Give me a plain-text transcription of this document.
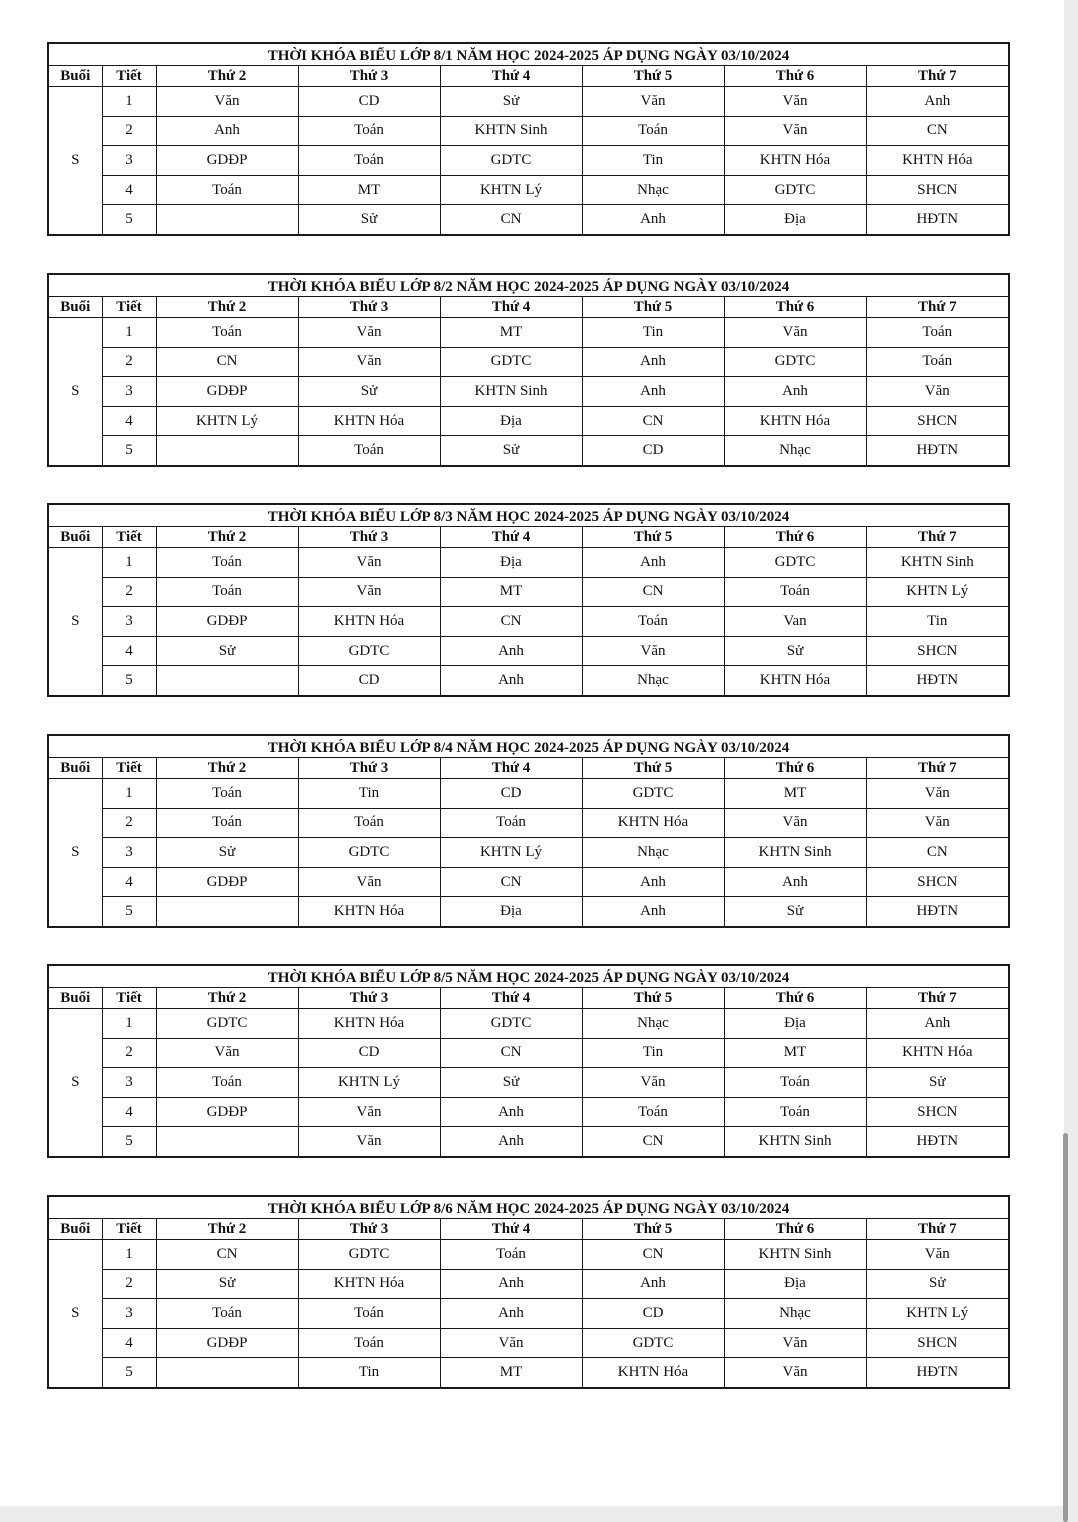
THỜI KHÓA BIỂU LỚP 8/1 NĂM HỌC 2024-2025 ÁP DỤNG NGÀY 03/10/2024							
Buổi	Tiết	Thứ 2	Thứ 3	Thứ 4	Thứ 5	Thứ 6	Thứ 7
S	1	Văn	CD	Sử	Văn	Văn	Anh
	2	Anh	Toán	KHTN Sinh	Toán	Văn	CN
	3	GDĐP	Toán	GDTC	Tin	KHTN Hóa	KHTN Hóa
	4	Toán	MT	KHTN Lý	Nhạc	GDTC	SHCN
	5		Sử	CN	Anh	Địa	HĐTN
THỜI KHÓA BIỂU LỚP 8/2 NĂM HỌC 2024-2025 ÁP DỤNG NGÀY 03/10/2024							
Buổi	Tiết	Thứ 2	Thứ 3	Thứ 4	Thứ 5	Thứ 6	Thứ 7
S	1	Toán	Văn	MT	Tin	Văn	Toán
	2	CN	Văn	GDTC	Anh	GDTC	Toán
	3	GDĐP	Sử	KHTN Sinh	Anh	Anh	Văn
	4	KHTN Lý	KHTN Hóa	Địa	CN	KHTN Hóa	SHCN
	5		Toán	Sử	CD	Nhạc	HĐTN
THỜI KHÓA BIỂU LỚP 8/3 NĂM HỌC 2024-2025 ÁP DỤNG NGÀY 03/10/2024							
Buổi	Tiết	Thứ 2	Thứ 3	Thứ 4	Thứ 5	Thứ 6	Thứ 7
S	1	Toán	Văn	Địa	Anh	GDTC	KHTN Sinh
	2	Toán	Văn	MT	CN	Toán	KHTN Lý
	3	GDĐP	KHTN Hóa	CN	Toán	Van	Tin
	4	Sử	GDTC	Anh	Văn	Sử	SHCN
	5		CD	Anh	Nhạc	KHTN Hóa	HĐTN
THỜI KHÓA BIỂU LỚP 8/4 NĂM HỌC 2024-2025 ÁP DỤNG NGÀY 03/10/2024							
Buổi	Tiết	Thứ 2	Thứ 3	Thứ 4	Thứ 5	Thứ 6	Thứ 7
S	1	Toán	Tin	CD	GDTC	MT	Văn
	2	Toán	Toán	Toán	KHTN Hóa	Văn	Văn
	3	Sử	GDTC	KHTN Lý	Nhạc	KHTN Sinh	CN
	4	GDĐP	Văn	CN	Anh	Anh	SHCN
	5		KHTN Hóa	Địa	Anh	Sử	HĐTN
THỜI KHÓA BIỂU LỚP 8/5 NĂM HỌC 2024-2025 ÁP DỤNG NGÀY 03/10/2024							
Buổi	Tiết	Thứ 2	Thứ 3	Thứ 4	Thứ 5	Thứ 6	Thứ 7
S	1	GDTC	KHTN Hóa	GDTC	Nhạc	Địa	Anh
	2	Văn	CD	CN	Tin	MT	KHTN Hóa
	3	Toán	KHTN Lý	Sử	Văn	Toán	Sử
	4	GDĐP	Văn	Anh	Toán	Toán	SHCN
	5		Văn	Anh	CN	KHTN Sinh	HĐTN
THỜI KHÓA BIỂU LỚP 8/6 NĂM HỌC 2024-2025 ÁP DỤNG NGÀY 03/10/2024							
Buổi	Tiết	Thứ 2	Thứ 3	Thứ 4	Thứ 5	Thứ 6	Thứ 7
S	1	CN	GDTC	Toán	CN	KHTN Sinh	Văn
	2	Sử	KHTN Hóa	Anh	Anh	Địa	Sử
	3	Toán	Toán	Anh	CD	Nhạc	KHTN Lý
	4	GDĐP	Toán	Văn	GDTC	Văn	SHCN
	5		Tin	MT	KHTN Hóa	Văn	HĐTN
